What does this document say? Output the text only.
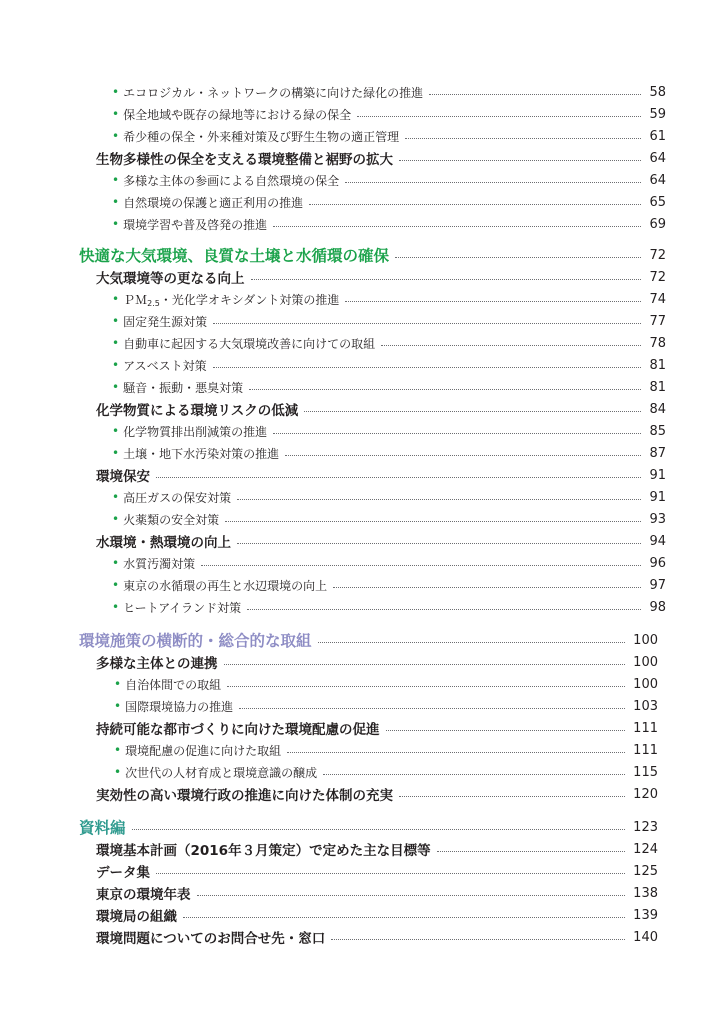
• エコロジカル・ネットワークの構築に向けた緑化の推進	58
• 保全地域や既存の緑地等における緑の保全	59
• 希少種の保全・外来種対策及び野生生物の適正管理	61
生物多様性の保全を支える環境整備と裾野の拡大	64
• 多様な主体の参画による自然環境の保全	64
• 自然環境の保護と適正利用の推進	65
• 環境学習や普及啓発の推進	69
快適な大気環境、良質な土壌と水循環の確保	72
大気環境等の更なる向上	72
• ＰＭ$_{2.5}$・光化学オキシダント対策の推進	74
• 固定発生源対策	77
• 自動車に起因する大気環境改善に向けての取組	78
• アスベスト対策	81
• 騒音・振動・悪臭対策	81
化学物質による環境リスクの低減	84
• 化学物質排出削減策の推進	85
• 土壌・地下水汚染対策の推進	87
環境保安	91
• 高圧ガスの保安対策	91
• 火薬類の安全対策	93
水環境・熱環境の向上	94
• 水質汚濁対策	96
• 東京の水循環の再生と水辺環境の向上	97
• ヒートアイランド対策	98
環境施策の横断的・総合的な取組	100
多様な主体との連携	100
• 自治体間での取組	100
• 国際環境協力の推進	103
持続可能な都市づくりに向けた環境配慮の促進	111
• 環境配慮の促進に向けた取組	111
• 次世代の人材育成と環境意識の醸成	115
実効性の高い環境行政の推進に向けた体制の充実	120
資料編	123
環境基本計画（2016年３月策定）で定めた主な目標等	124
データ集	125
東京の環境年表	138
環境局の組織	139
環境問題についてのお問合せ先・窓口	140
